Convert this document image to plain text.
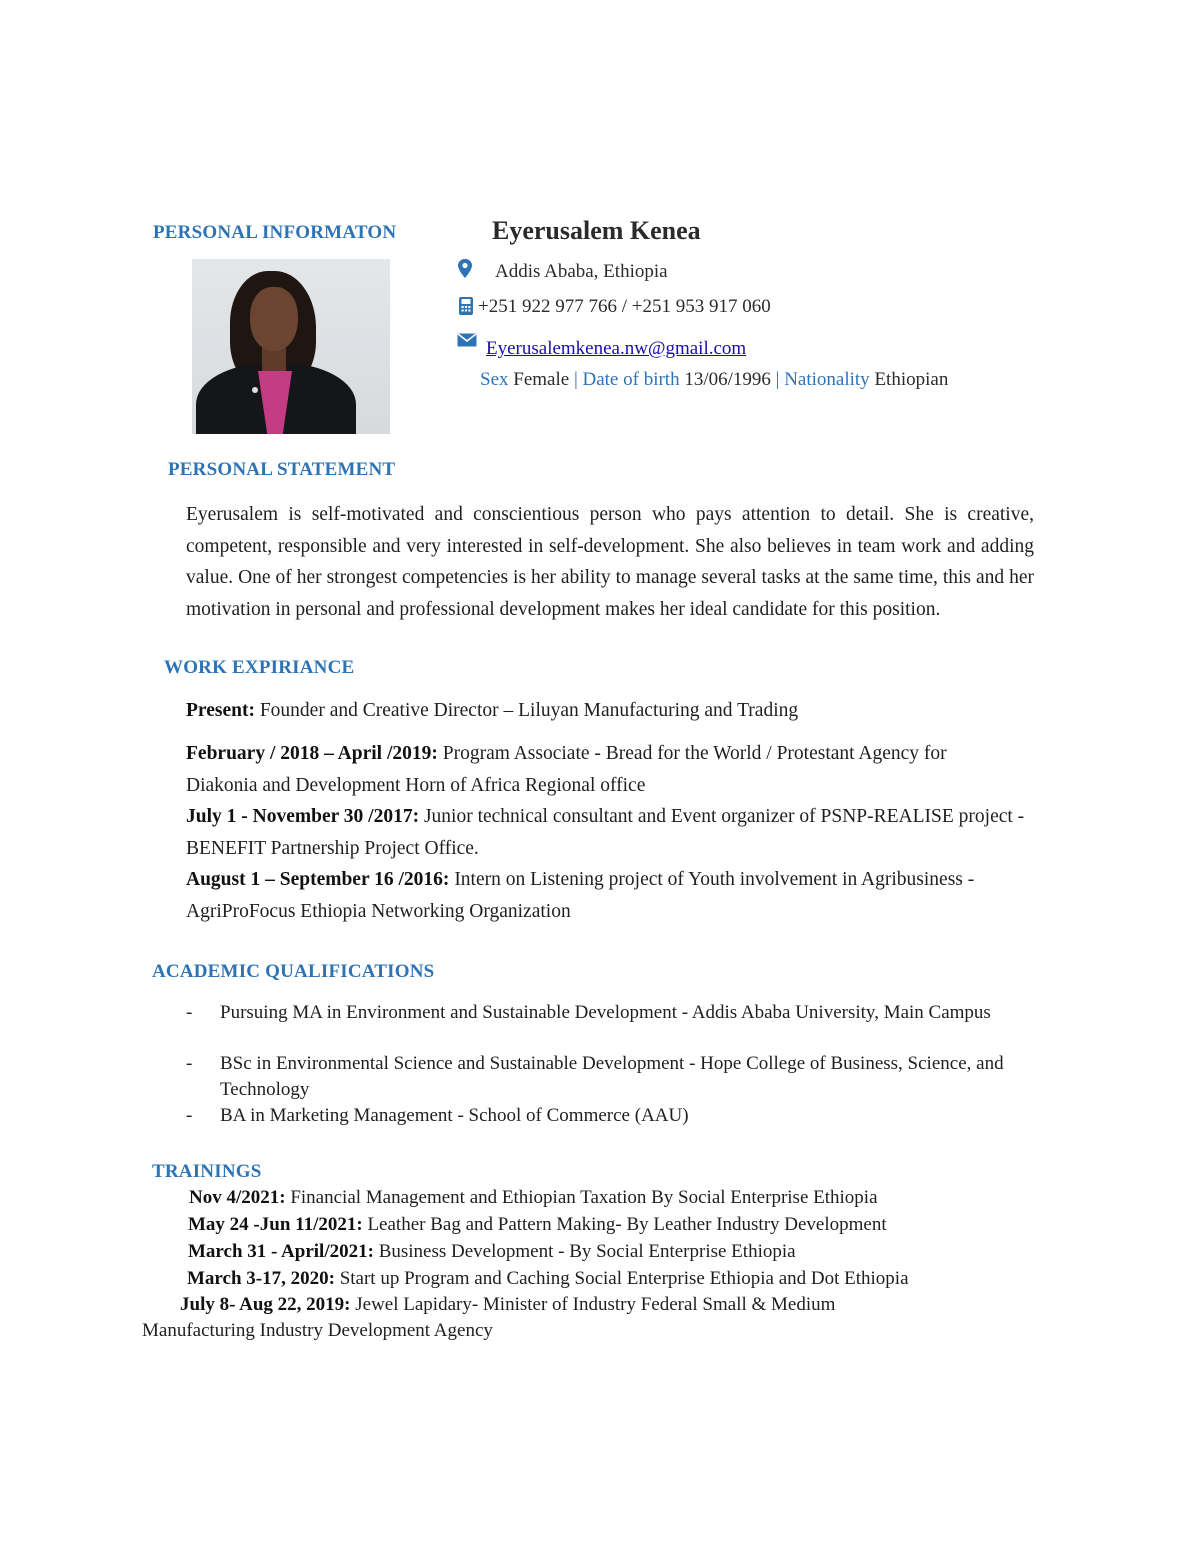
PERSONAL INFORMATON	Eyerusalem Kenea
Addis Ababa, Ethiopia
+251 922 977 766 / +251 953 917 060
Eyerusalemkenea.nw@gmail.com
Sex Female | Date of birth 13/06/1996 | Nationality Ethiopian
PERSONAL STATEMENT
Eyerusalem is self-motivated and conscientious person who pays attention to detail. She is creative, competent, responsible and very interested in self-development. She also believes in team work and adding value. One of her strongest competencies is her ability to manage several tasks at the same time, this and her motivation in personal and professional development makes her ideal candidate for this position.
WORK EXPIRIANCE
Present: Founder and Creative Director – Liluyan Manufacturing and Trading
February / 2018 – April /2019: Program Associate - Bread for the World / Protestant Agency for Diakonia and Development Horn of Africa Regional office
July 1 - November 30 /2017: Junior technical consultant and Event organizer of PSNP-REALISE project - BENEFIT Partnership Project Office.
August 1 – September 16 /2016: Intern on Listening project of Youth involvement in Agribusiness - AgriProFocus Ethiopia Networking Organization
ACADEMIC QUALIFICATIONS
- Pursuing MA in Environment and Sustainable Development - Addis Ababa University, Main Campus
- BSc in Environmental Science and Sustainable Development - Hope College of Business, Science, and Technology
- BA in Marketing Management - School of Commerce (AAU)
TRAININGS
Nov 4/2021: Financial Management and Ethiopian Taxation By Social Enterprise Ethiopia
May 24 -Jun 11/2021: Leather Bag and Pattern Making- By Leather Industry Development
March 31 - April/2021: Business Development - By Social Enterprise Ethiopia
March 3-17, 2020: Start up Program and Caching Social Enterprise Ethiopia and Dot Ethiopia
July 8- Aug 22, 2019: Jewel Lapidary- Minister of Industry Federal Small & Medium
Manufacturing Industry Development Agency
